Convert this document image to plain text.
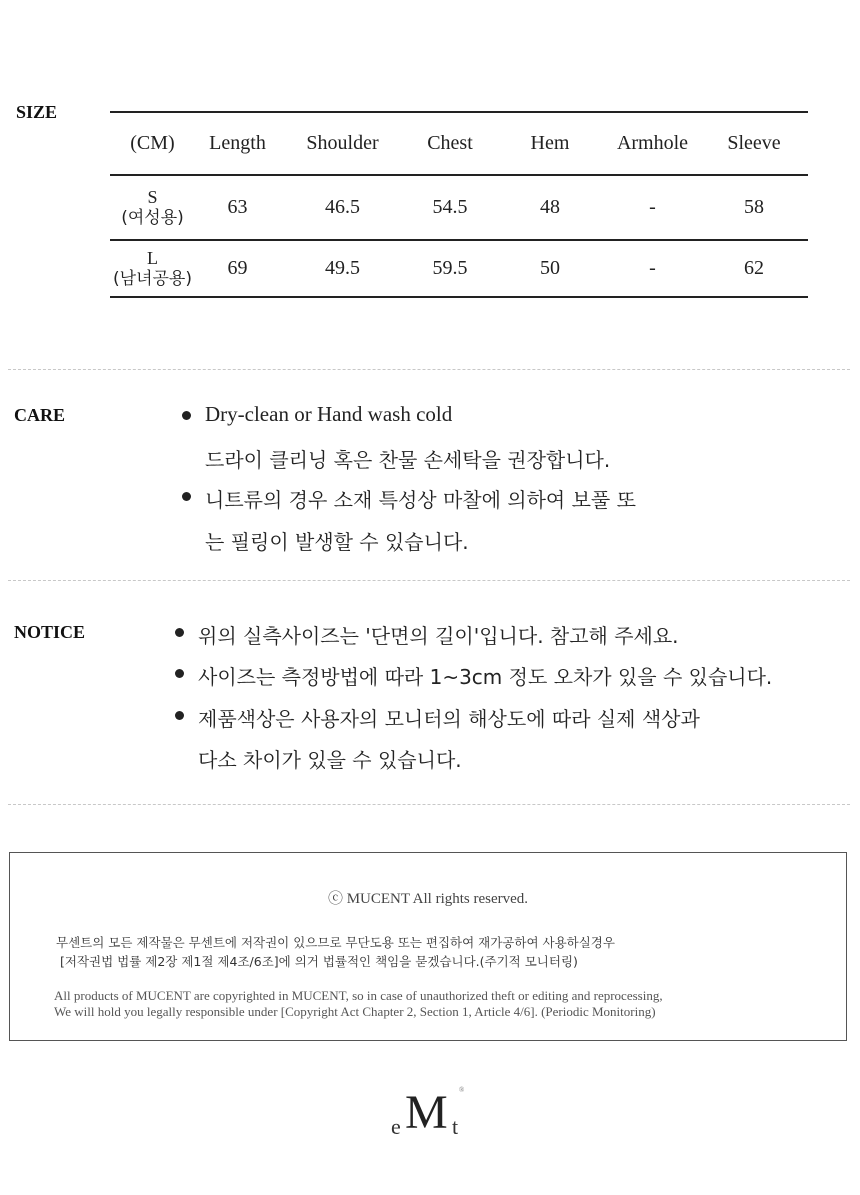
SIZE
(CM)	Length	Shoulder	Chest	Hem	Armhole	Sleeve

S
(여성용)	63	46.5	54.5	48	-	58

L
(남녀공용)	69	49.5	59.5	50	-	62
CARE	Dry-clean or Hand wash cold
드라이 클리닝 혹은 찬물 손세탁을 권장합니다.
니트류의 경우 소재 특성상 마찰에 의하여 보풀 또
는 필링이 발생할 수 있습니다.
NOTICE	위의 실측사이즈는 '단면의 길이'입니다. 참고해 주세요.
사이즈는 측정방법에 따라 1~3cm 정도 오차가 있을 수 있습니다.
제품색상은 사용자의 모니터의 해상도에 따라 실제 색상과
다소 차이가 있을 수 있습니다.
ⓒ MUCENT All rights reserved.
무센트의 모든 제작물은 무센트에 저작권이 있으므로 무단도용 또는 편집하여 재가공하여 사용하실경우
[저작권법 법률 제2장 제1절 제4조/6조]에 의거 법률적인 책임을 묻겠습니다.(주기적 모니터링)
All products of MUCENT are copyrighted in MUCENT, so in case of unauthorized theft or editing and reprocessing,
We will hold you legally responsible under [Copyright Act Chapter 2, Section 1, Article 4/6]. (Periodic Monitoring)
e M t
®
